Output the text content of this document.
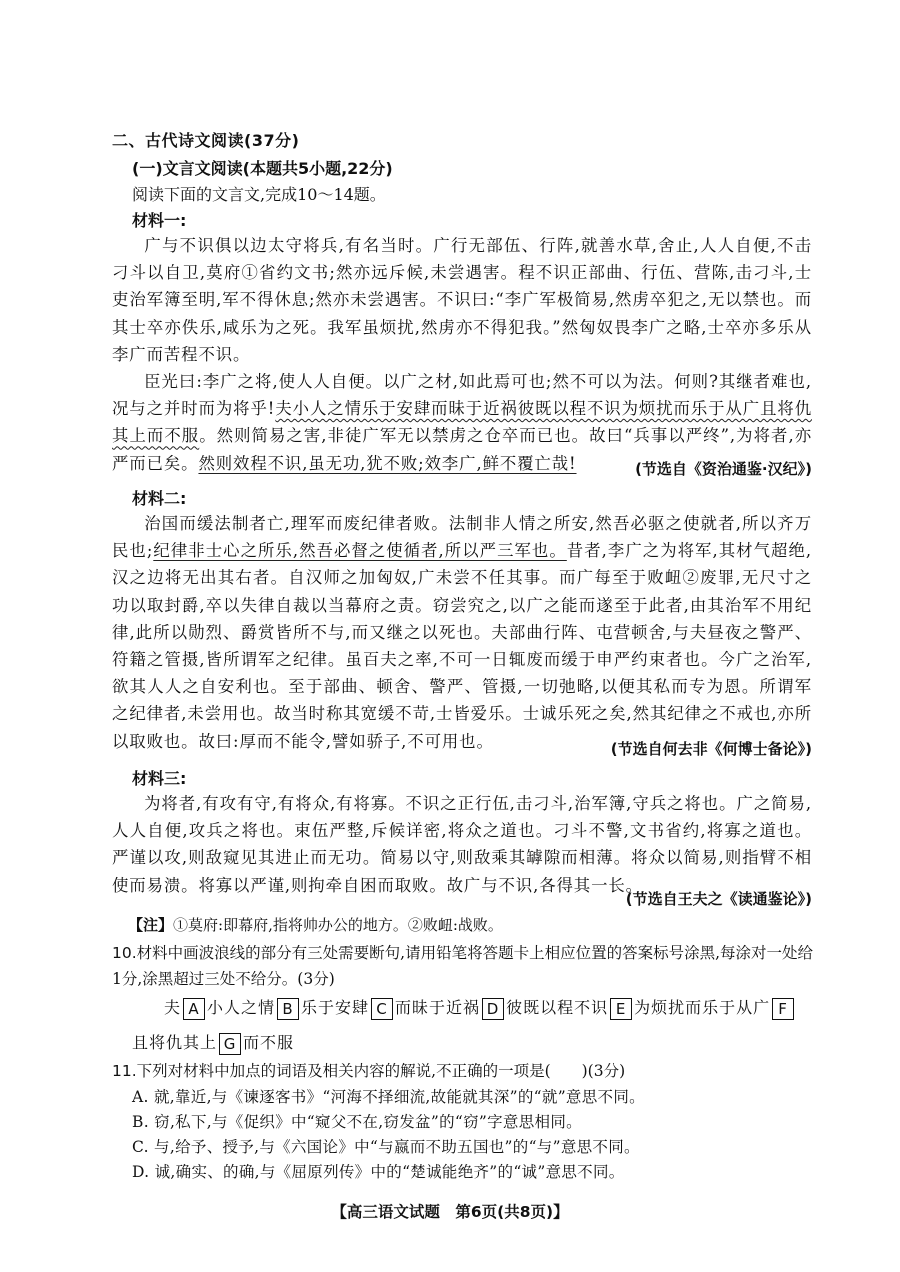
二、古代诗文阅读(37分)
(一)文言文阅读(本题共5小题,22分)
阅读下面的文言文,完成10～14题。
材料一:
广与不识俱以边太守将兵,有名当时。广行无部伍、行阵,就善水草,舍止,人人自便,不击刁斗以自卫,莫府①省约文书;然亦远斥候,未尝遇害。程不识正部曲、行伍、营陈,击刁斗,士吏治军簿至明,军不得休息;然亦未尝遇害。不识曰:“李广军极简易,然虏卒犯之,无以禁也。而其士卒亦佚乐,咸乐为之死。我军虽烦扰,然虏亦不得犯我。”然匈奴畏李广之略,士卒亦多乐从李广而苦程不识。
臣光曰:李广之将,使人人自便。以广之材,如此焉可也;然不可以为法。何则?其继者难也,况与之并时而为将乎!夫小人之情乐于安肆而昧于近祸彼既以程不识为烦扰而乐于从广且将仇其上而不服。然则简易之害,非徒广军无以禁虏之仓卒而已也。故曰“兵事以严终”,为将者,亦严而已矣。然则效程不识,虽无功,犹不败;效李广,鲜不覆亡哉!	(节选自《资治通鉴·汉纪》)
材料二:
治国而缓法制者亡,理军而废纪律者败。法制非人情之所安,然吾必驱之使就者,所以齐万民也;纪律非士心之所乐,然吾必督之使循者,所以严三军也。昔者,李广之为将军,其材气超绝,汉之边将无出其右者。自汉师之加匈奴,广未尝不任其事。而广每至于败衄②废罪,无尺寸之功以取封爵,卒以失律自裁以当幕府之责。窃尝究之,以广之能而遂至于此者,由其治军不用纪律,此所以勋烈、爵赏皆所不与,而又继之以死也。夫部曲行阵、屯营顿舍,与夫昼夜之警严、符籍之管摄,皆所谓军之纪律。虽百夫之率,不可一日辄废而缓于申严约束者也。今广之治军,欲其人人之自安利也。至于部曲、顿舍、警严、管摄,一切弛略,以便其私而专为恩。所谓军之纪律者,未尝用也。故当时称其宽缓不苛,士皆爱乐。士诚乐死之矣,然其纪律之不戒也,亦所以取败也。故曰:厚而不能令,譬如骄子,不可用也。	(节选自何去非《何博士备论》)
材料三:
为将者,有攻有守,有将众,有将寡。不识之正行伍,击刁斗,治军簿,守兵之将也。广之简易,人人自便,攻兵之将也。束伍严整,斥候详密,将众之道也。刁斗不警,文书省约,将寡之道也。严谨以攻,则敌窥见其进止而无功。简易以守,则敌乘其罅隙而相薄。将众以简易,则指臂不相使而易溃。将寡以严谨,则拘牵自困而取败。故广与不识,各得其一长。
(节选自王夫之《读通鉴论》)
【注】①莫府:即幕府,指将帅办公的地方。②败衄:战败。
10.材料中画波浪线的部分有三处需要断句,请用铅笔将答题卡上相应位置的答案标号涂黑,每涂对一处给1分,涂黑超过三处不给分。(3分)
夫 A 小人之情 B 乐于安肆 C 而昧于近祸 D 彼既以程不识 E 为烦扰而乐于从广 F
且将仇其上 G 而不服
11.下列对材料中加点的词语及相关内容的解说,不正确的一项是(　　)(3分)
A. 就,靠近,与《谏逐客书》“河海不择细流,故能就其深”的“就”意思不同。
B. 窃,私下,与《促织》中“窥父不在,窃发盆”的“窃”字意思相同。
C. 与,给予、授予,与《六国论》中“与嬴而不助五国也”的“与”意思不同。
D. 诚,确实、的确,与《屈原列传》中的“楚诚能绝齐”的“诚”意思不同。
【高三语文试题　第6页(共8页)】
